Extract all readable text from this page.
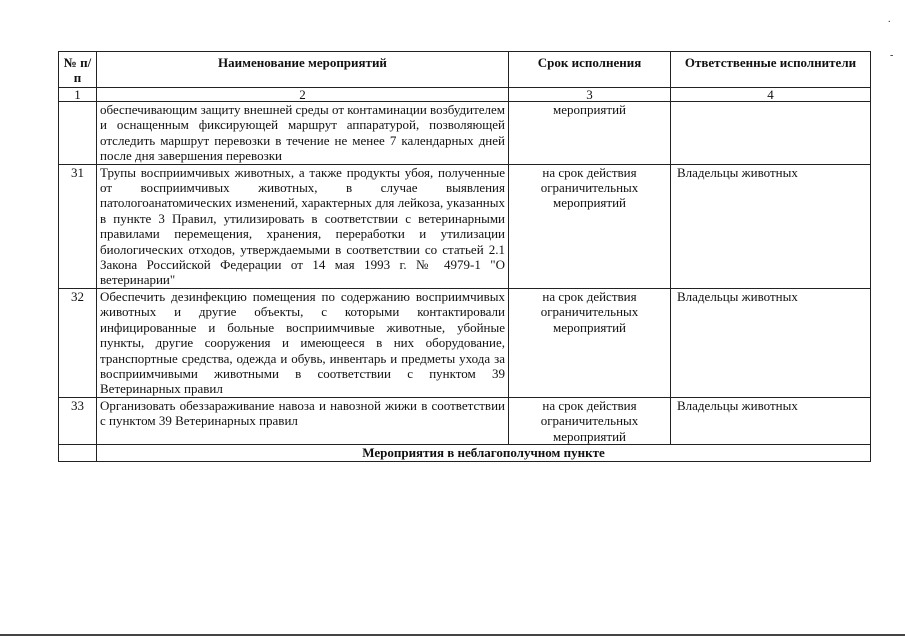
.
-
№ п/п	Наименование мероприятий	Срок исполнения	Ответственные исполнители
1	2	3	4
	обеспечивающим защиту внешней среды от контаминации возбудителем и оснащенным фиксирующей маршрут аппаратурой, позволяющей отследить маршрут перевозки в течение не менее 7 календарных дней после дня завершения перевозки	мероприятий	
31	Трупы восприимчивых животных, а также продукты убоя, полученные от восприимчивых животных, в случае выявления патологоанатомических изменений, характерных для лейкоза, указанных в пункте 3 Правил, утилизировать в соответствии с ветеринарными правилами перемещения, хранения, переработки и утилизации биологических отходов, утверждаемыми в соответствии со статьей 2.1 Закона Российской Федерации от 14 мая 1993 г. № 4979-1 "О ветеринарии"	на срок действия ограничительных мероприятий	Владельцы животных
32	Обеспечить дезинфекцию помещения по содержанию восприимчивых животных и другие объекты, с которыми контактировали инфицированные и больные восприимчивые животные, убойные пункты, другие сооружения и имеющееся в них оборудование, транспортные средства, одежда и обувь, инвентарь и предметы ухода за восприимчивыми животными в соответствии с пунктом 39 Ветеринарных правил	на срок действия ограничительных мероприятий	Владельцы животных
33	Организовать обеззараживание навоза и навозной жижи в соответствии с пунктом 39 Ветеринарных правил	на срок действия ограничительных мероприятий	Владельцы животных
	Мероприятия в неблагополучном пункте		
